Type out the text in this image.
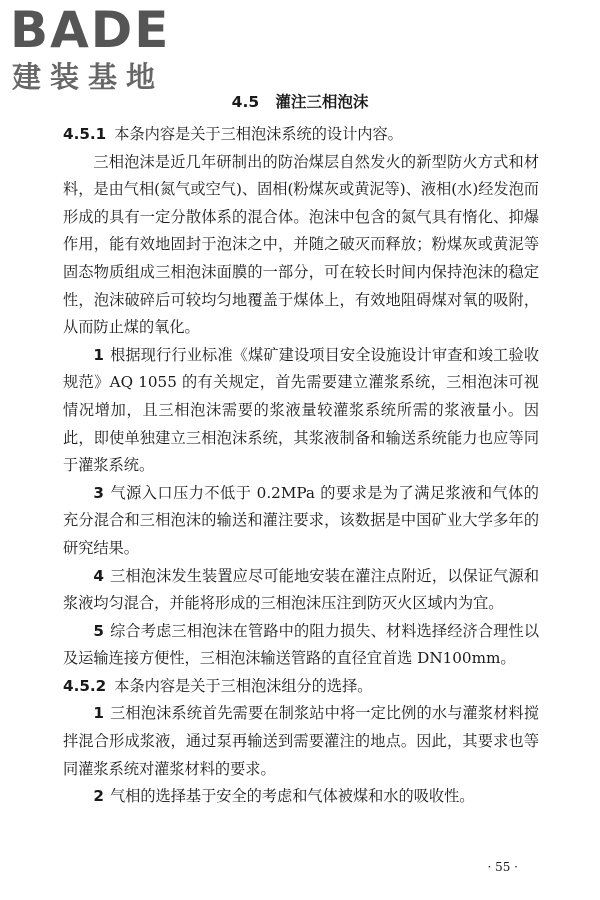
BADE
建装基地
4.5 灌注三相泡沫

4.5.1 本条内容是关于三相泡沫系统的设计内容。

三相泡沫是近几年研制出的防治煤层自然发火的新型防火方式和材料，是由气相(氮气或空气)、固相(粉煤灰或黄泥等)、液相(水)经发泡而形成的具有一定分散体系的混合体。泡沫中包含的氮气具有惰化、抑爆作用，能有效地固封于泡沫之中，并随之破灭而释放；粉煤灰或黄泥等固态物质组成三相泡沫面膜的一部分，可在较长时间内保持泡沫的稳定性，泡沫破碎后可较均匀地覆盖于煤体上，有效地阻碍煤对氧的吸附，从而防止煤的氧化。

1 根据现行行业标准《煤矿建设项目安全设施设计审查和竣工验收规范》AQ 1055 的有关规定，首先需要建立灌浆系统，三相泡沫可视情况增加，且三相泡沫需要的浆液量较灌浆系统所需的浆液量小。因此，即使单独建立三相泡沫系统，其浆液制备和输送系统能力也应等同于灌浆系统。

3 气源入口压力不低于 0.2MPa 的要求是为了满足浆液和气体的充分混合和三相泡沫的输送和灌注要求，该数据是中国矿业大学多年的研究结果。

4 三相泡沫发生装置应尽可能地安装在灌注点附近，以保证气源和浆液均匀混合，并能将形成的三相泡沫压注到防灭火区域内为宜。

5 综合考虑三相泡沫在管路中的阻力损失、材料选择经济合理性以及运输连接方便性，三相泡沫输送管路的直径宜首选 DN100mm。

4.5.2 本条内容是关于三相泡沫组分的选择。

1 三相泡沫系统首先需要在制浆站中将一定比例的水与灌浆材料搅拌混合形成浆液，通过泵再输送到需要灌注的地点。因此，其要求也等同灌浆系统对灌浆材料的要求。

2 气相的选择基于安全的考虑和气体被煤和水的吸收性。

· 55 ·
